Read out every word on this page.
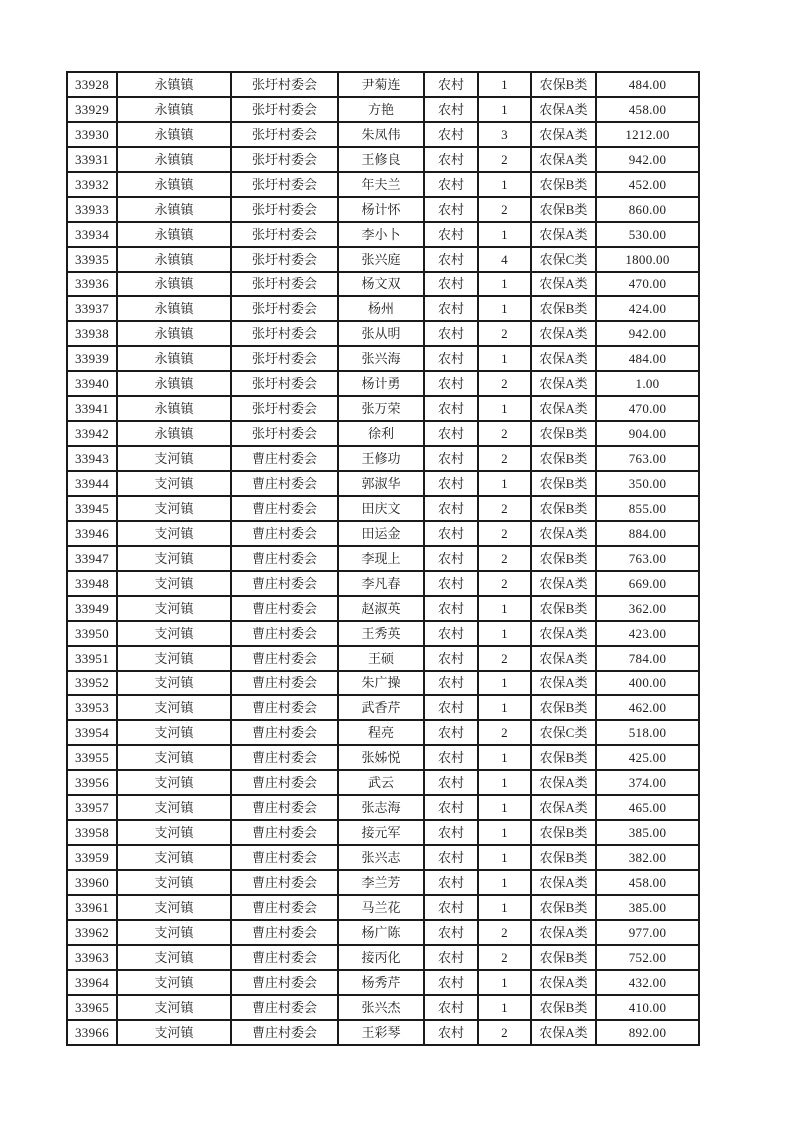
33928	永镇镇	张圩村委会	尹菊连	农村	1	农保B类	484.00
33929	永镇镇	张圩村委会	方艳	农村	1	农保A类	458.00
33930	永镇镇	张圩村委会	朱凤伟	农村	3	农保A类	1212.00
33931	永镇镇	张圩村委会	王修良	农村	2	农保A类	942.00
33932	永镇镇	张圩村委会	年夫兰	农村	1	农保B类	452.00
33933	永镇镇	张圩村委会	杨计怀	农村	2	农保B类	860.00
33934	永镇镇	张圩村委会	李小卜	农村	1	农保A类	530.00
33935	永镇镇	张圩村委会	张兴庭	农村	4	农保C类	1800.00
33936	永镇镇	张圩村委会	杨文双	农村	1	农保A类	470.00
33937	永镇镇	张圩村委会	杨州	农村	1	农保B类	424.00
33938	永镇镇	张圩村委会	张从明	农村	2	农保A类	942.00
33939	永镇镇	张圩村委会	张兴海	农村	1	农保A类	484.00
33940	永镇镇	张圩村委会	杨计勇	农村	2	农保A类	1.00
33941	永镇镇	张圩村委会	张万荣	农村	1	农保A类	470.00
33942	永镇镇	张圩村委会	徐利	农村	2	农保B类	904.00
33943	支河镇	曹庄村委会	王修功	农村	2	农保B类	763.00
33944	支河镇	曹庄村委会	郭淑华	农村	1	农保B类	350.00
33945	支河镇	曹庄村委会	田庆文	农村	2	农保B类	855.00
33946	支河镇	曹庄村委会	田运金	农村	2	农保A类	884.00
33947	支河镇	曹庄村委会	李现上	农村	2	农保B类	763.00
33948	支河镇	曹庄村委会	李凡春	农村	2	农保A类	669.00
33949	支河镇	曹庄村委会	赵淑英	农村	1	农保B类	362.00
33950	支河镇	曹庄村委会	王秀英	农村	1	农保A类	423.00
33951	支河镇	曹庄村委会	王硕	农村	2	农保A类	784.00
33952	支河镇	曹庄村委会	朱广操	农村	1	农保A类	400.00
33953	支河镇	曹庄村委会	武香芹	农村	1	农保B类	462.00
33954	支河镇	曹庄村委会	程亮	农村	2	农保C类	518.00
33955	支河镇	曹庄村委会	张姊悦	农村	1	农保B类	425.00
33956	支河镇	曹庄村委会	武云	农村	1	农保A类	374.00
33957	支河镇	曹庄村委会	张志海	农村	1	农保A类	465.00
33958	支河镇	曹庄村委会	接元军	农村	1	农保B类	385.00
33959	支河镇	曹庄村委会	张兴志	农村	1	农保B类	382.00
33960	支河镇	曹庄村委会	李兰芳	农村	1	农保A类	458.00
33961	支河镇	曹庄村委会	马兰花	农村	1	农保B类	385.00
33962	支河镇	曹庄村委会	杨广陈	农村	2	农保A类	977.00
33963	支河镇	曹庄村委会	接丙化	农村	2	农保B类	752.00
33964	支河镇	曹庄村委会	杨秀芹	农村	1	农保A类	432.00
33965	支河镇	曹庄村委会	张兴杰	农村	1	农保B类	410.00
33966	支河镇	曹庄村委会	王彩琴	农村	2	农保A类	892.00
